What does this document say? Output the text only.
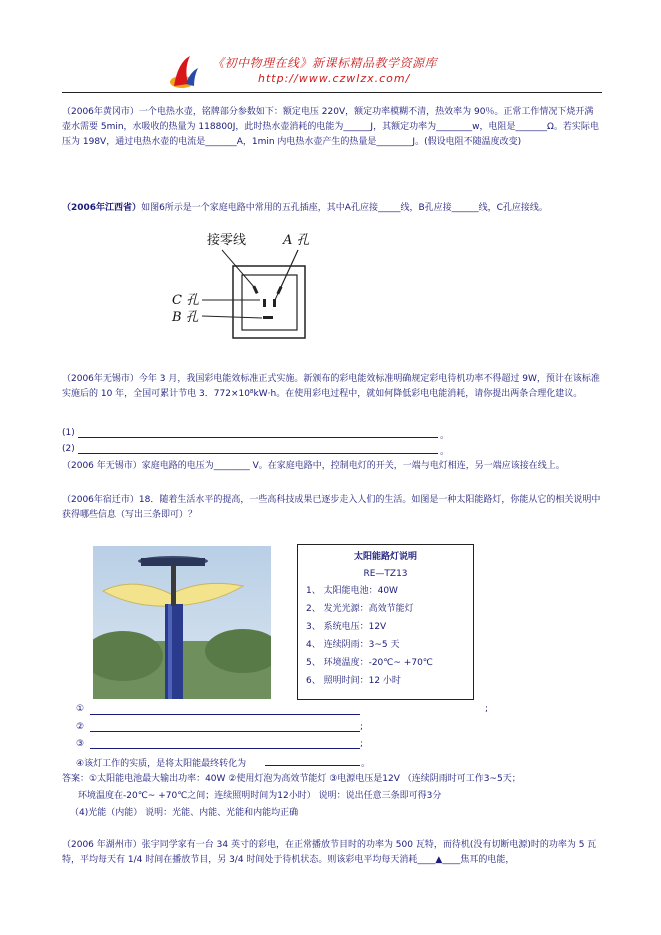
《初中物理在线》新课标精品教学资源库
http://www.czwlzx.com/
（2006年黄冈市）一个电热水壶，铭牌部分参数如下：额定电压 220V，额定功率模糊不清，热效率为 90％。正常工作情况下烧开满壶水需要 5min，水吸收的热量为 118800J，此时热水壶消耗的电能为______J，其额定功率为________w，电阻是_______Ω。若实际电压为 198V，通过电热水壶的电流是_______A，1min 内电热水壶产生的热量是________J。(假设电阻不随温度改变)
（2006年江西省）如图6所示是一个家庭电路中常用的五孔插座，其中A孔应接_____线，B孔应接______线，C孔应接线。
接零线	A 孔
C 孔
B 孔
（2006年无锡市）今年 3 月，我国彩电能效标准正式实施。新颁布的彩电能效标准明确规定彩电待机功率不得超过 9W，预计在该标准实施后的 10 年，全国可累计节电 3．772×10⁸kW·h。在使用彩电过程中，就如何降低彩电电能消耗，请你提出两条合理化建议。
(1)	。
(2)	。
（2006 年无锡市）家庭电路的电压为________ V。在家庭电路中，控制电灯的开关，一端与电灯相连，另一端应该接在线上。
（2006年宿迁市）18．随着生活水平的提高，一些高科技成果已逐步走入人们的生活。如图是一种太阳能路灯，你能从它的相关说明中获得哪些信息（写出三条即可）？
太阳能路灯说明
RE—TZ13
1、 太阳能电池：40W
2、 发光光源：高效节能灯
3、 系统电压：12V
4、 连续阴雨：3~5 天
5、 环境温度：-20℃~ +70℃
6、 照明时间：12 小时
①	;
②	;
③	;
④该灯工作的实质，是将太阳能最终转化为	。
答案：①太阳能电池最大输出功率：40W ②使用灯泡为高效节能灯 ③电源电压是12V （连续阴雨时可工作3~5天；
环境温度在-20℃~ +70℃之间；连续照明时间为12小时） 说明：说出任意三条即可得3分
（4)光能（内能） 说明：光能、内能、光能和内能均正确
（2006 年湖州市）张宇同学家有一台 34 英寸的彩电，在正常播放节目时的功率为 500 瓦特，而待机(没有切断电源)时的功率为 5 瓦特，平均每天有 1/4 时间在播放节目，另 3/4 时间处于待机状态。则该彩电平均每天消耗____▲____焦耳的电能，
